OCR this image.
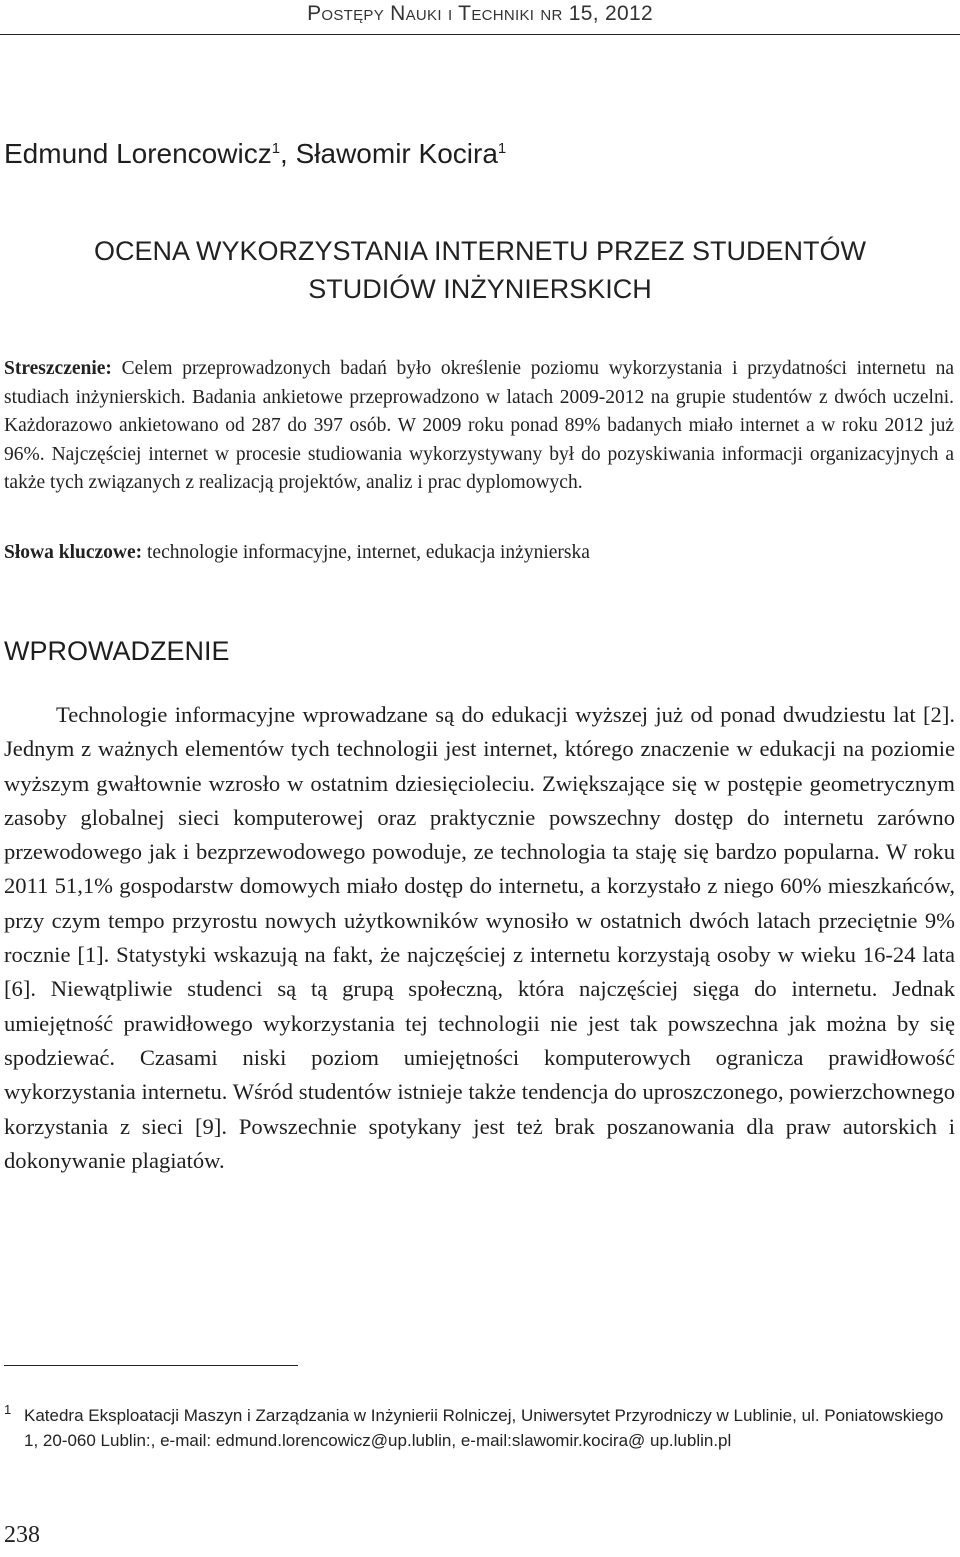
Postępy Nauki i Techniki nr 15, 2012
Edmund Lorencowicz$^1$, Sławomir Kocira$^1$
OCENA WYKORZYSTANIA INTERNETU PRZEZ STUDENTÓW
STUDIÓW INŻYNIERSKICH
Streszczenie: Celem przeprowadzonych badań było określenie poziomu wykorzystania i przydatności internetu na studiach inżynierskich. Badania ankietowe przeprowadzono w latach 2009-2012 na grupie studentów z dwóch uczelni. Każdorazowo ankietowano od 287 do 397 osób. W 2009 roku ponad 89% badanych miało internet a w roku 2012 już 96%. Najczęściej internet w procesie studiowania wykorzystywany był do pozyskiwania informacji organizacyjnych a także tych związanych z realizacją projektów, analiz i prac dyplomowych.
Słowa kluczowe: technologie informacyjne, internet, edukacja inżynierska
WPROWADZENIE

Technologie informacyjne wprowadzane są do edukacji wyższej już od ponad dwudziestu lat [2]. Jednym z ważnych elementów tych technologii jest internet, którego znaczenie w edukacji na poziomie wyższym gwałtownie wzrosło w ostatnim dziesięcioleciu. Zwiększające się w postępie geometrycznym zasoby globalnej sieci komputerowej oraz praktycznie powszechny dostęp do internetu zarówno przewodowego jak i bezprzewodowego powoduje, ze technologia ta staję się bardzo popularna. W roku 2011 51,1% gospodarstw domowych miało dostęp do internetu, a korzystało z niego 60% mieszkańców, przy czym tempo przyrostu nowych użytkowników wynosiło w ostatnich dwóch latach przeciętnie 9% rocznie [1]. Statystyki wskazują na fakt, że najczęściej z internetu korzystają osoby w wieku 16-24 lata [6]. Niewątpliwie studenci są tą grupą społeczną, która najczęściej sięga do internetu. Jednak umiejętność prawidłowego wykorzystania tej technologii nie jest tak powszechna jak można by się spodziewać. Czasami niski poziom umiejętności komputerowych ogranicza prawidłowość wykorzystania internetu. Wśród studentów istnieje także tendencja do uproszczonego, powierzchownego korzystania z sieci [9]. Powszechnie spotykany jest też brak poszanowania dla praw autorskich i dokonywanie plagiatów.

1 Katedra Eksploatacji Maszyn i Zarządzania w Inżynierii Rolniczej, Uniwersytet Przyrodniczy w Lublinie, ul. Poniatowskiego 1, 20-060 Lublin:, e-mail: edmund.lorencowicz@up.lublin, e-mail:slawomir.kocira@ up.lublin.pl
238
